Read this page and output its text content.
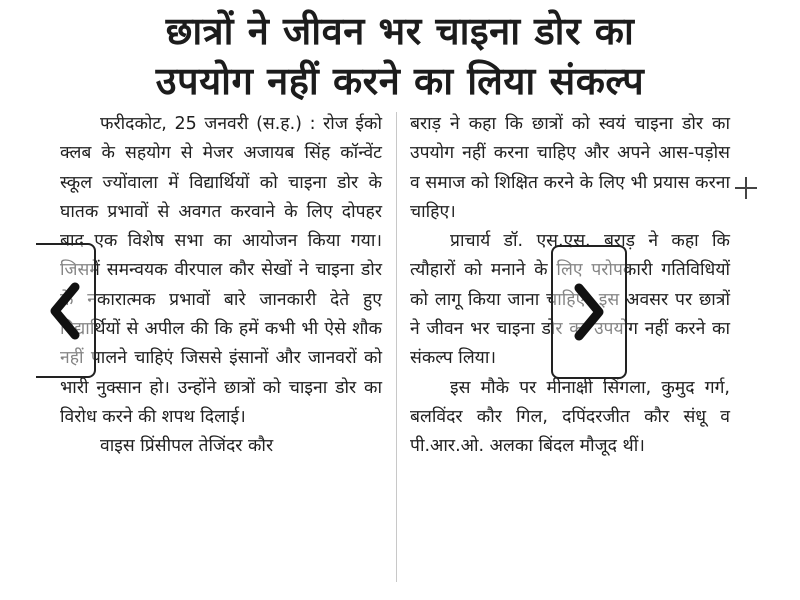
छात्रों ने जीवन भर चाइना डोर का
उपयोग नहीं करने का लिया संकल्प

फरीदकोट, 25 जनवरी (स.ह.) : रोज ईको क्लब के सहयोग से मेजर अजायब सिंह कॉन्वेंट स्कूल ज्योंवाला में विद्यार्थियों को चाइना डोर के घातक प्रभावों से अवगत करवाने के लिए दोपहर बाद एक विशेष सभा का आयोजन किया गया। जिसमें समन्वयक वीरपाल कौर सेखों ने चाइना डोर के नकारात्मक प्रभावों बारे जानकारी देते हुए विद्यार्थियों से अपील की कि हमें कभी भी ऐसे शौक नहीं पालने चाहिएं जिससे इंसानों और जानवरों को भारी नुक्सान हो। उन्होंने छात्रों को चाइना डोर का विरोध करने की शपथ दिलाई।

वाइस प्रिंसीपल तेजिंदर कौर

बराड़ ने कहा कि छात्रों को स्वयं चाइना डोर का उपयोग नहीं करना चाहिए और अपने आस-पड़ोस व समाज को शिक्षित करने के लिए भी प्रयास करना चाहिए।

प्राचार्य डॉ. एस.एस. बराड़ ने कहा कि त्यौहारों को मनाने के लिए परोपकारी गतिविधियों को लागू किया जाना चाहिए। इस अवसर पर छात्रों ने जीवन भर चाइना डोर का उपयोग नहीं करने का संकल्प लिया।

इस मौके पर मीनाक्षी सिंगला, कुमुद गर्ग, बलविंदर कौर गिल, दपिंदरजीत कौर संधू व पी.आर.ओ. अलका बिंदल मौजूद थीं।
